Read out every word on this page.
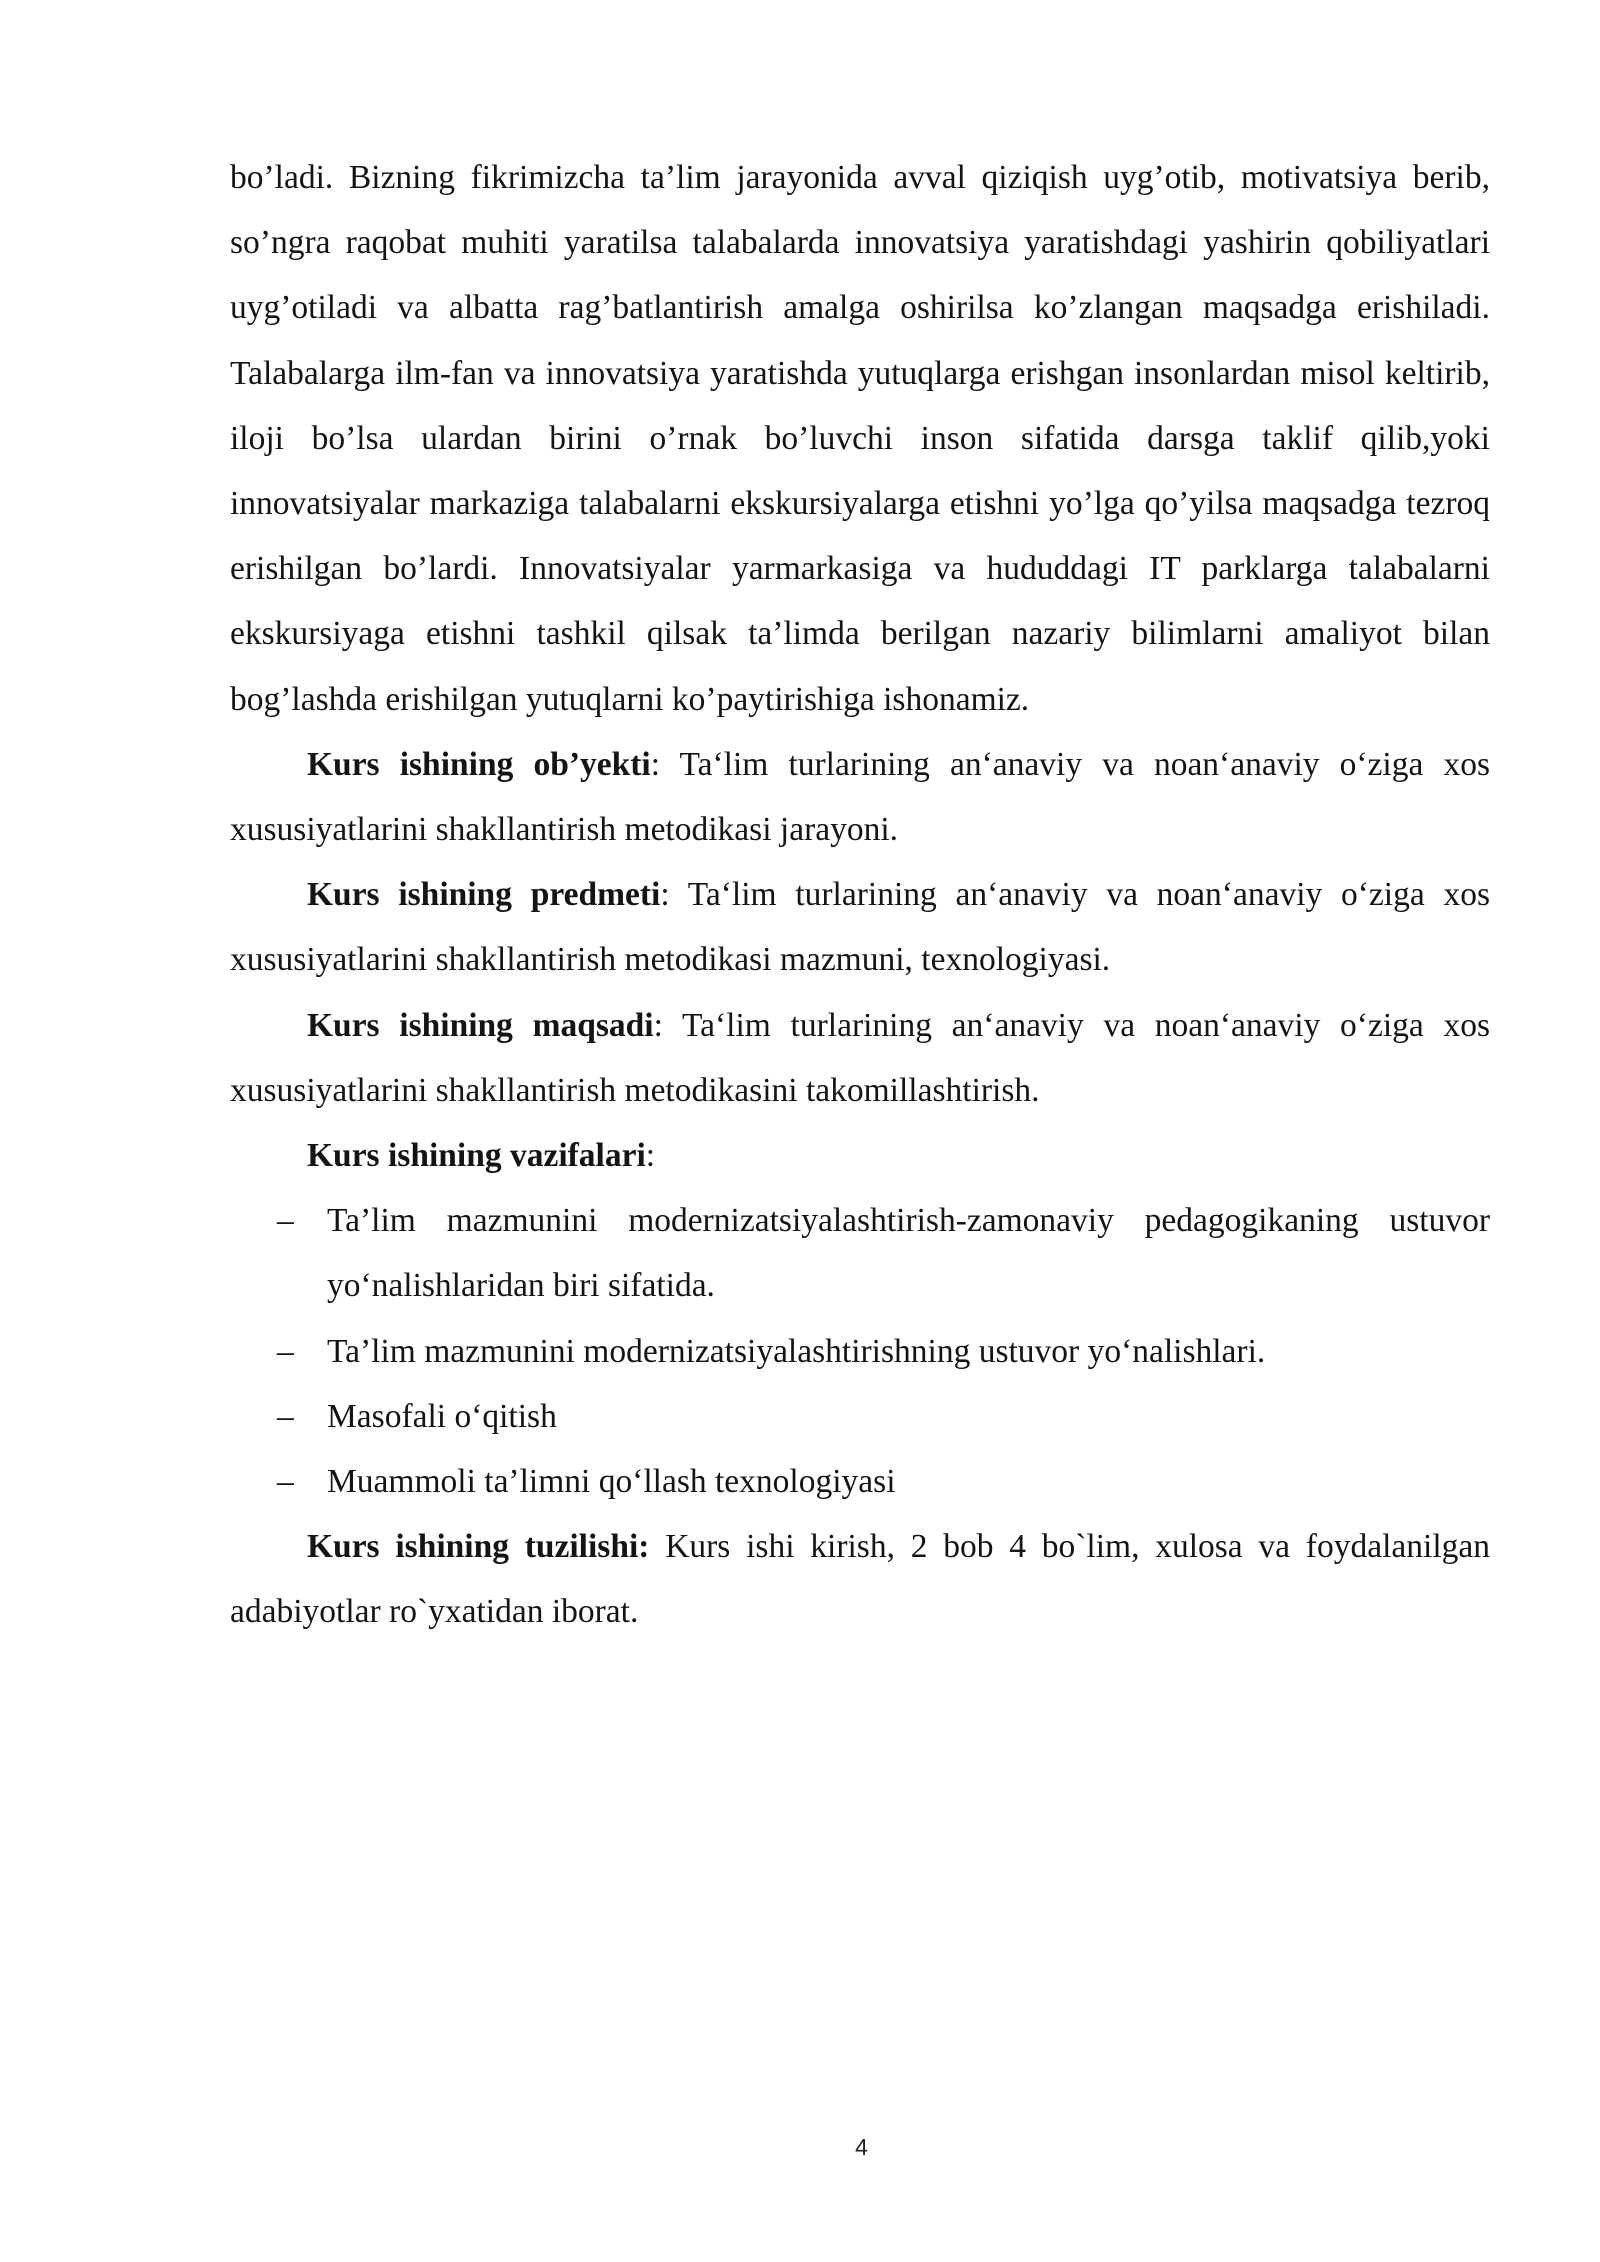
bo’ladi. Bizning fikrimizcha ta’lim jarayonida avval qiziqish uyg’otib, motivatsiya berib, so’ngra raqobat muhiti yaratilsa talabalarda innovatsiya yaratishdagi yashirin qobiliyatlari uyg’otiladi va albatta rag’batlantirish amalga oshirilsa ko’zlangan maqsadga erishiladi. Talabalarga ilm-fan va innovatsiya yaratishda yutuqlarga erishgan insonlardan misol keltirib, iloji bo’lsa ulardan birini o’rnak bo’luvchi inson sifatida darsga taklif qilib,yoki innovatsiyalar markaziga talabalarni ekskursiyalarga etishni yo’lga qo’yilsa maqsadga tezroq erishilgan bo’lardi. Innovatsiyalar yarmarkasiga va hududdagi IT parklarga talabalarni ekskursiyaga etishni tashkil qilsak ta’limda berilgan nazariy bilimlarni amaliyot bilan bog’lashda erishilgan yutuqlarni ko’paytirishiga ishonamiz.

Kurs ishining ob’yekti: Ta‘lim turlarining an‘anaviy va noan‘anaviy o‘ziga xos xususiyatlarini shakllantirish metodikasi jarayoni.

Kurs ishining predmeti: Ta‘lim turlarining an‘anaviy va noan‘anaviy o‘ziga xos xususiyatlarini shakllantirish metodikasi mazmuni, texnologiyasi.

Kurs ishining maqsadi: Ta‘lim turlarining an‘anaviy va noan‘anaviy o‘ziga xos xususiyatlarini shakllantirish metodikasini takomillashtirish.

Kurs ishining vazifalari:

– Ta’lim mazmunini modernizatsiyalashtirish-zamonaviy pedagogikaning ustuvor yo‘nalishlaridan biri sifatida.
– Ta’lim mazmunini modernizatsiyalashtirishning ustuvor yo‘nalishlari.
– Masofali o‘qitish
– Muammoli ta’limni qo‘llash texnologiyasi

Kurs ishining tuzilishi: Kurs ishi kirish, 2 bob 4 bo`lim, xulosa va foydalanilgan adabiyotlar ro`yxatidan iborat.

4
